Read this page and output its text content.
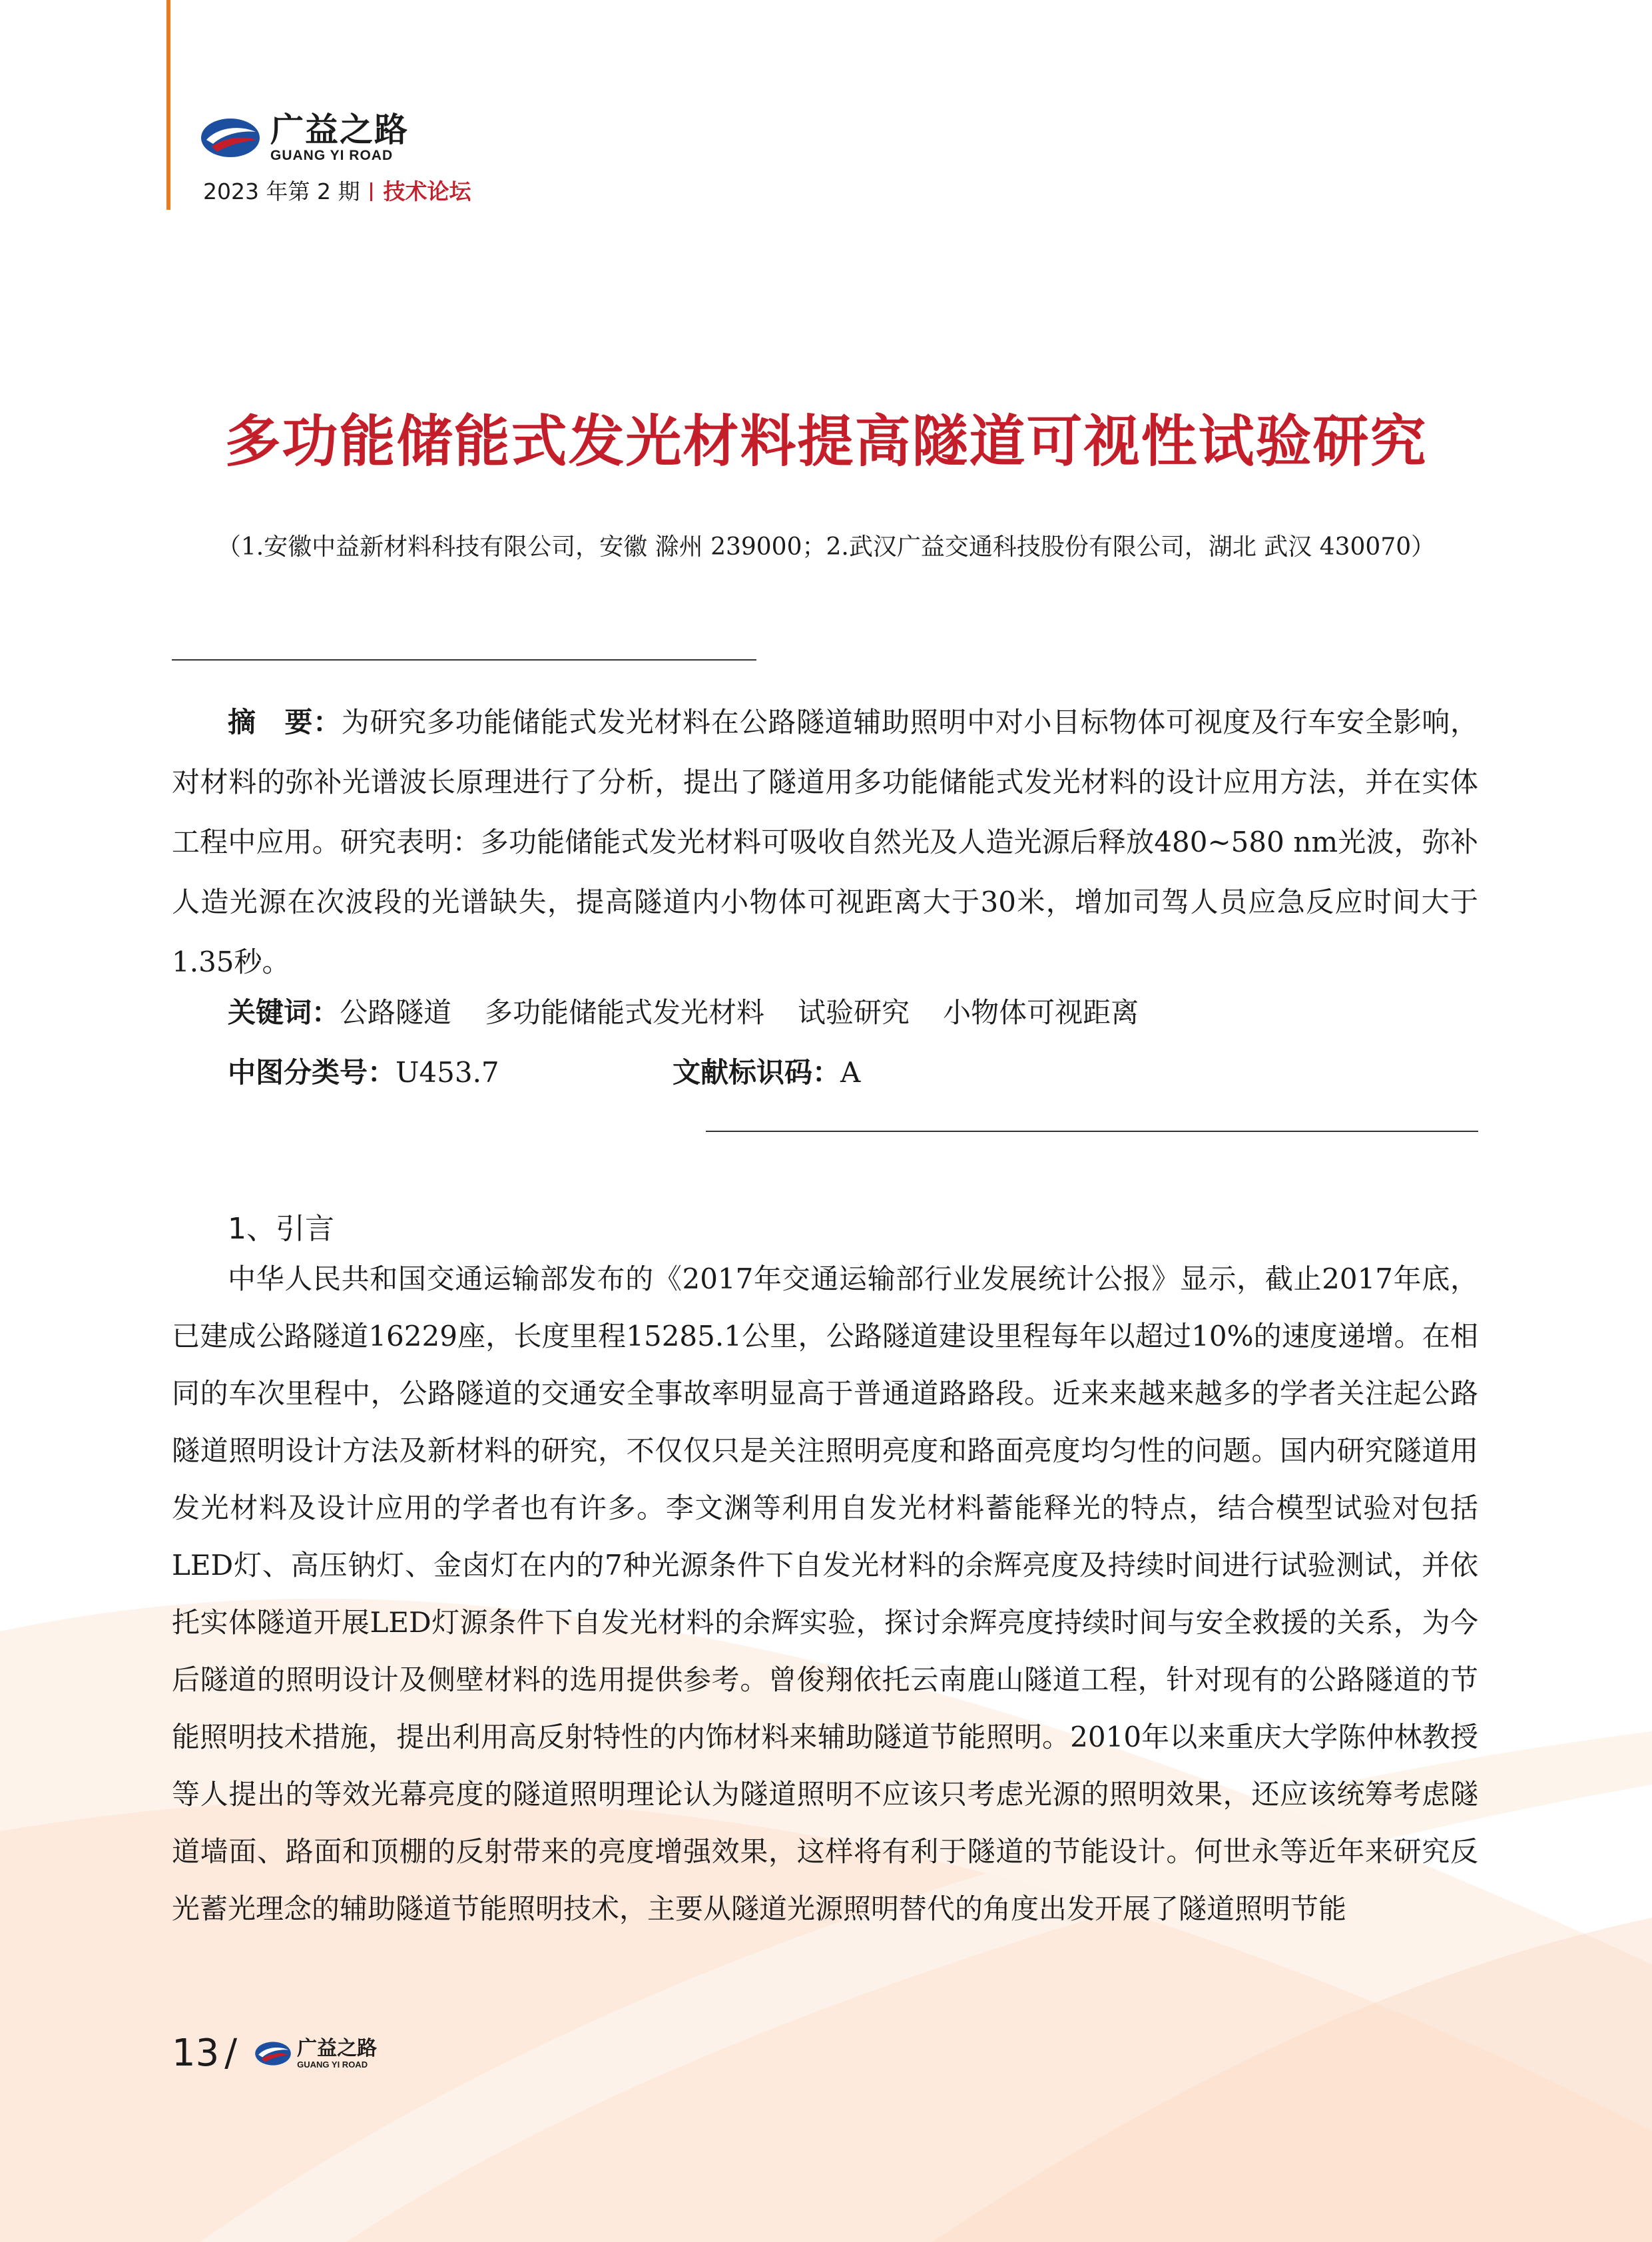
广益之路
GUANG YI ROAD
2023 年第 2 期 技术论坛
多功能储能式发光材料提高隧道可视性试验研究
（1.安徽中益新材料科技有限公司，安徽 滁州 239000；2.武汉广益交通科技股份有限公司，湖北 武汉 430070）
摘　要：为研究多功能储能式发光材料在公路隧道辅助照明中对小目标物体可视度及行车安全影响，对材料的弥补光谱波长原理进行了分析，提出了隧道用多功能储能式发光材料的设计应用方法，并在实体工程中应用。研究表明：多功能储能式发光材料可吸收自然光及人造光源后释放480~580 nm光波，弥补人造光源在次波段的光谱缺失，提高隧道内小物体可视距离大于30米，增加司驾人员应急反应时间大于1.35秒。
关键词：公路隧道 多功能储能式发光材料 试验研究 小物体可视距离
中图分类号：U453.7	文献标识码：A
1、引言
中华人民共和国交通运输部发布的《2017年交通运输部行业发展统计公报》显示，截止2017年底，已建成公路隧道16229座，长度里程15285.1公里，公路隧道建设里程每年以超过10%的速度递增。在相同的车次里程中，公路隧道的交通安全事故率明显高于普通道路路段。近来来越来越多的学者关注起公路隧道照明设计方法及新材料的研究，不仅仅只是关注照明亮度和路面亮度均匀性的问题。国内研究隧道用发光材料及设计应用的学者也有许多。李文渊等利用自发光材料蓄能释光的特点，结合模型试验对包括LED灯、高压钠灯、金卤灯在内的7种光源条件下自发光材料的余辉亮度及持续时间进行试验测试，并依托实体隧道开展LED灯源条件下自发光材料的余辉实验，探讨余辉亮度持续时间与安全救援的关系，为今后隧道的照明设计及侧壁材料的选用提供参考。曾俊翔依托云南鹿山隧道工程，针对现有的公路隧道的节能照明技术措施，提出利用高反射特性的内饰材料来辅助隧道节能照明。2010年以来重庆大学陈仲林教授等人提出的等效光幕亮度的隧道照明理论认为隧道照明不应该只考虑光源的照明效果，还应该统筹考虑隧道墙面、路面和顶棚的反射带来的亮度增强效果，这样将有利于隧道的节能设计。何世永等近年来研究反光蓄光理念的辅助隧道节能照明技术，主要从隧道光源照明替代的角度出发开展了隧道照明节能
13 /	广益之路
GUANG YI ROAD
